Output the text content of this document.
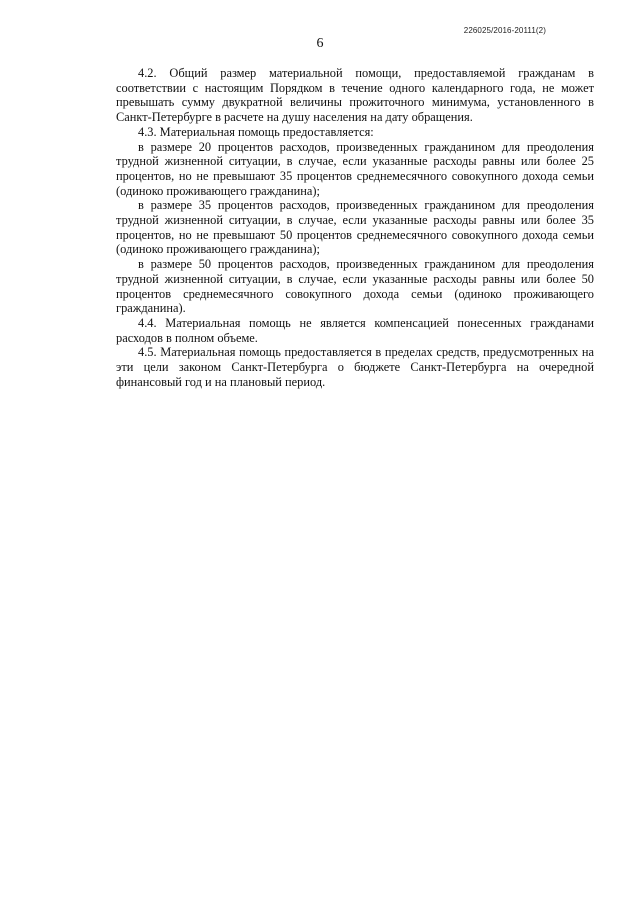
226025/2016-20111(2)
6

4.2. Общий размер материальной помощи, предоставляемой гражданам в соответствии с настоящим Порядком в течение одного календарного года, не может превышать сумму двукратной величины прожиточного минимума, установленного в Санкт-Петербурге в расчете на душу населения на дату обращения.

4.3. Материальная помощь предоставляется:

в размере 20 процентов расходов, произведенных гражданином для преодоления трудной жизненной ситуации, в случае, если указанные расходы равны или более 25 процентов, но не превышают 35 процентов среднемесячного совокупного дохода семьи (одиноко проживающего гражданина);

в размере 35 процентов расходов, произведенных гражданином для преодоления трудной жизненной ситуации, в случае, если указанные расходы равны или более 35 процентов, но не превышают 50 процентов среднемесячного совокупного дохода семьи (одиноко проживающего гражданина);

в размере 50 процентов расходов, произведенных гражданином для преодоления трудной жизненной ситуации, в случае, если указанные расходы равны или более 50 процентов среднемесячного совокупного дохода семьи (одиноко проживающего гражданина).

4.4. Материальная помощь не является компенсацией понесенных гражданами расходов в полном объеме.

4.5. Материальная помощь предоставляется в пределах средств, предусмотренных на эти цели законом Санкт-Петербурга о бюджете Санкт-Петербурга на очередной финансовый год и на плановый период.
